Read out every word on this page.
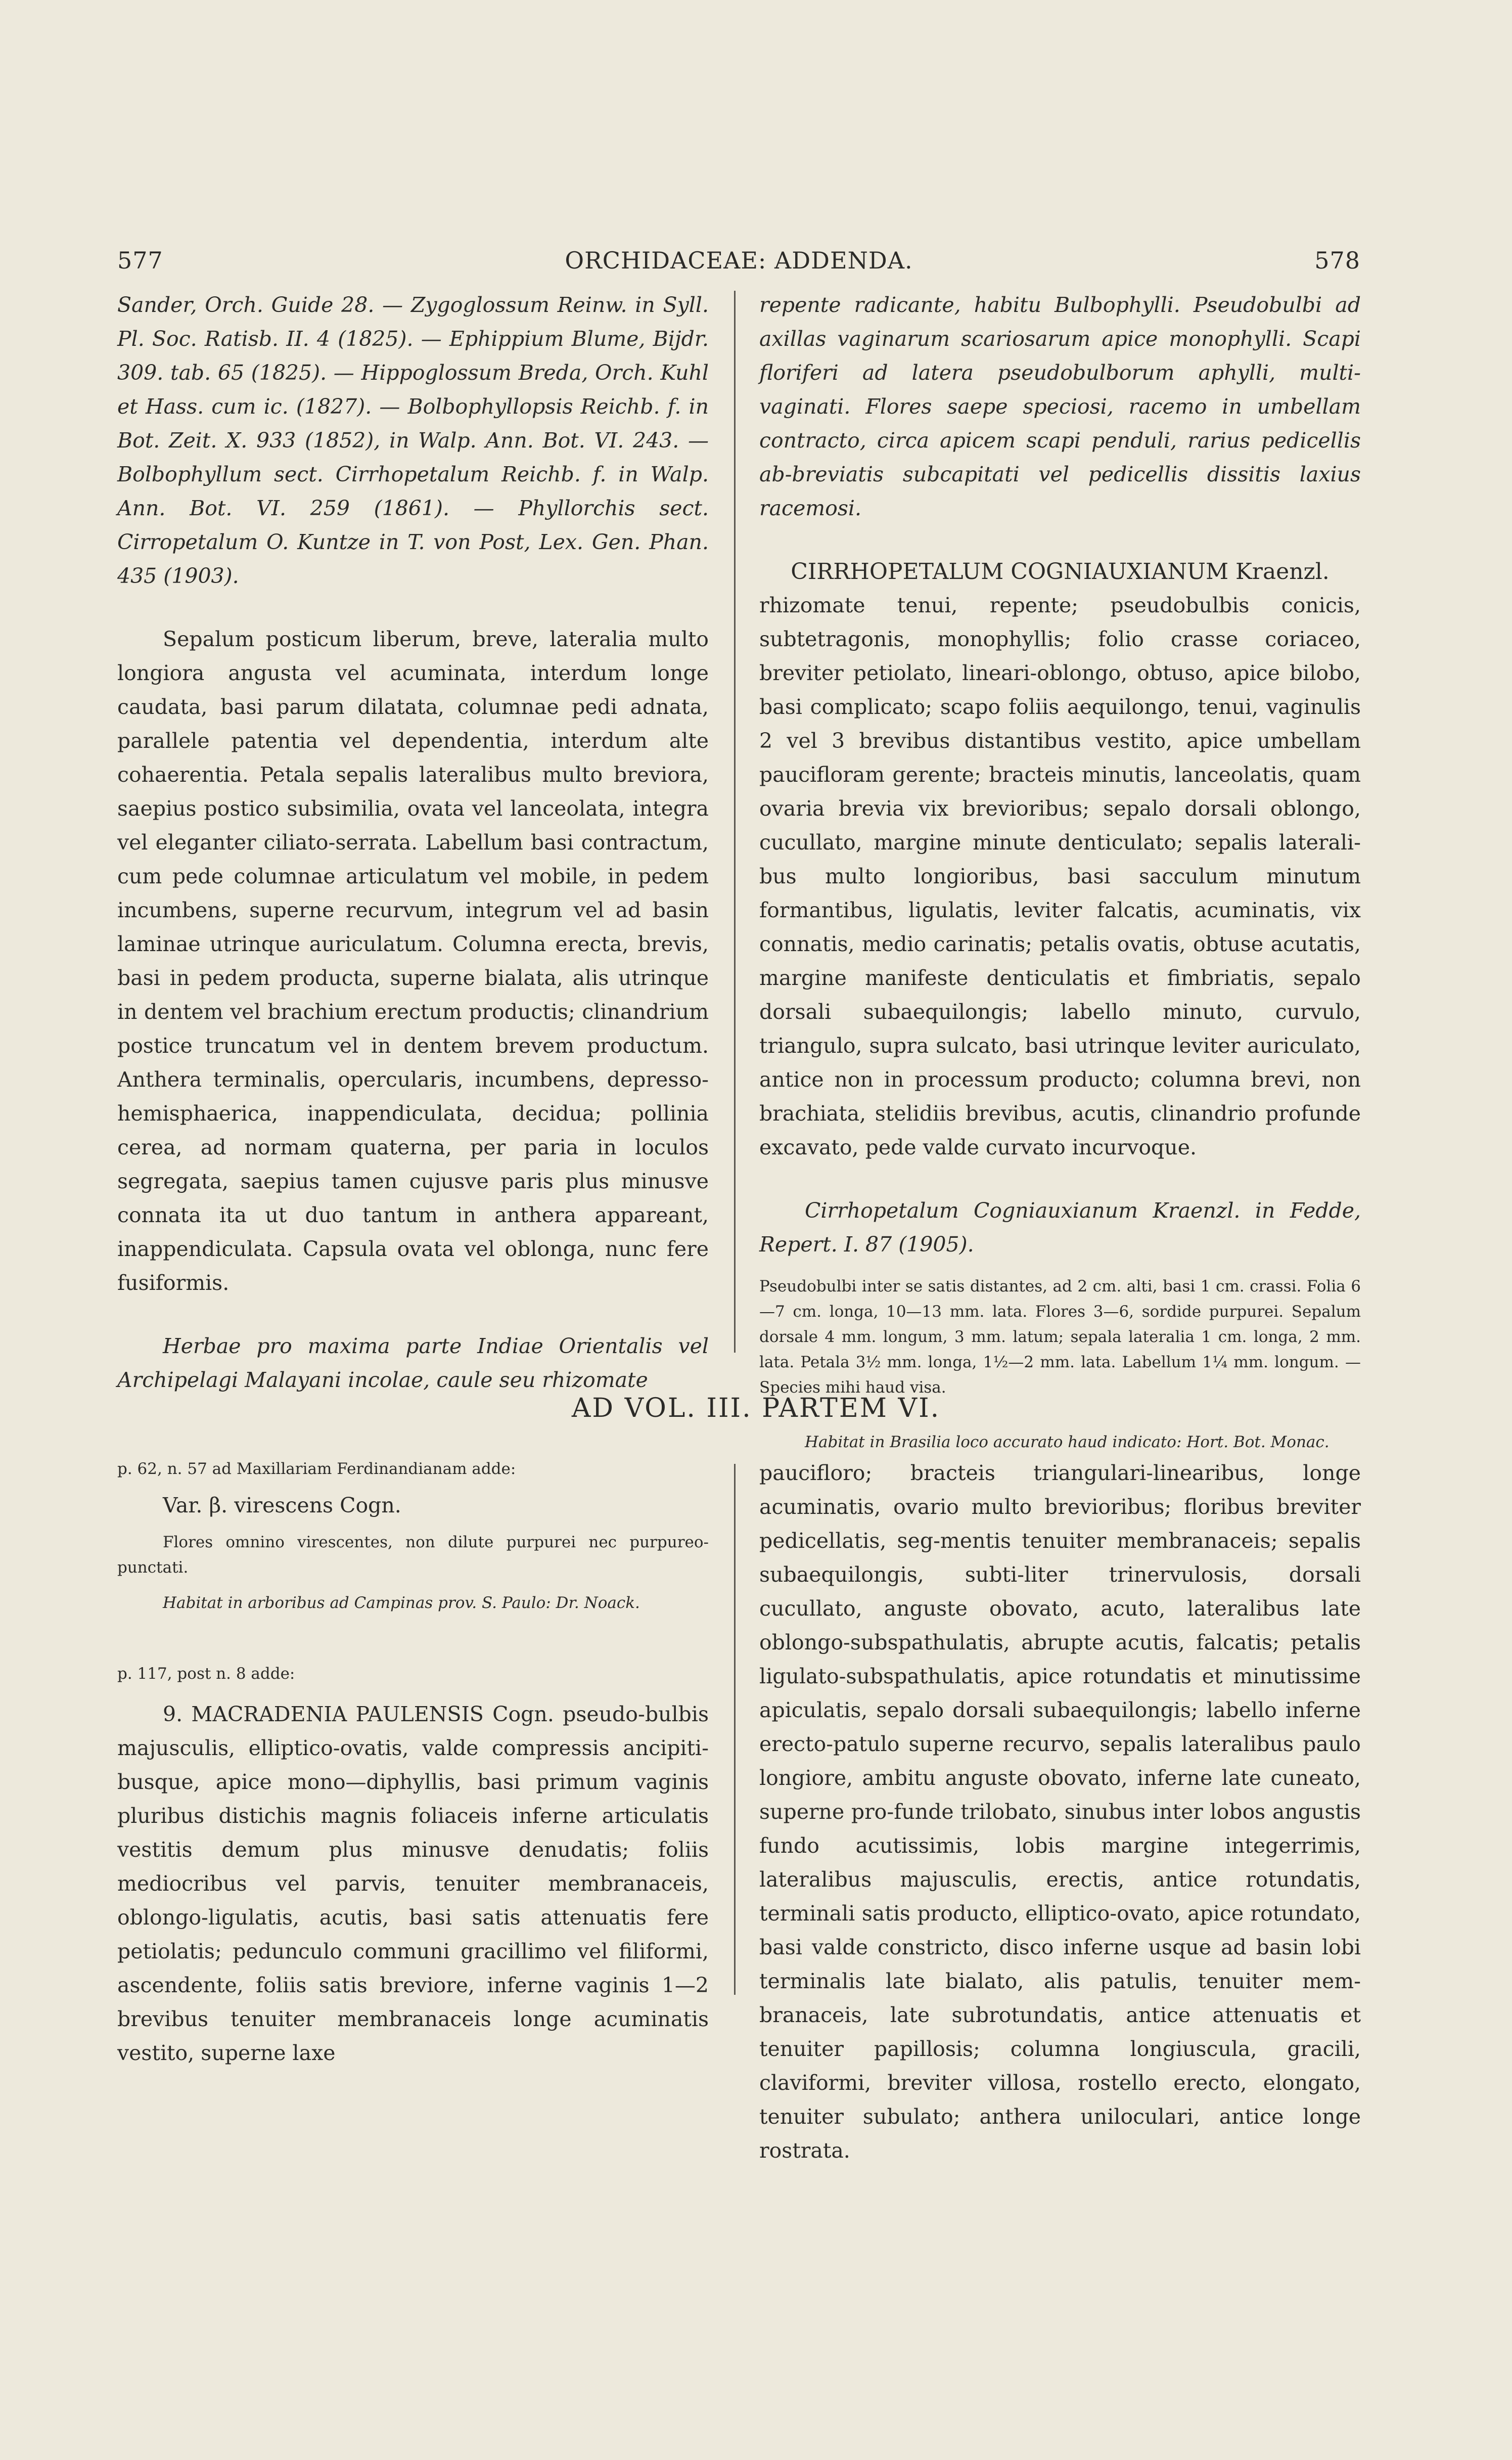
577	ORCHIDACEAE: ADDENDA.	578

Sander, Orch. Guide 28. — Zygoglossum Reinw. in Syll. Pl. Soc. Ratisb. II. 4 (1825). — Ephippium Blume, Bijdr. 309. tab. 65 (1825). — Hippoglossum Breda, Orch. Kuhl et Hass. cum ic. (1827). — Bolbophyllopsis Reichb. f. in Bot. Zeit. X. 933 (1852), in Walp. Ann. Bot. VI. 243. — Bolbophyllum sect. Cirrhopetalum Reichb. f. in Walp. Ann. Bot. VI. 259 (1861). — Phyllorchis sect. Cirropetalum O. Kuntze in T. von Post, Lex. Gen. Phan. 435 (1903).

Sepalum posticum liberum, breve, lateralia multo longiora angusta vel acuminata, interdum longe caudata, basi parum dilatata, columnae pedi adnata, parallele patentia vel dependentia, interdum alte cohaerentia. Petala sepalis lateralibus multo breviora, saepius postico subsimilia, ovata vel lanceolata, integra vel eleganter ciliato-serrata. Labellum basi contractum, cum pede columnae articulatum vel mobile, in pedem incumbens, superne recurvum, integrum vel ad basin laminae utrinque auriculatum. Columna erecta, brevis, basi in pedem producta, superne bialata, alis utrinque in dentem vel brachium erectum productis; clinandrium postice truncatum vel in dentem brevem productum. Anthera terminalis, opercularis, incumbens, depresso-hemisphaerica, inappendiculata, decidua; pollinia cerea, ad normam quaterna, per paria in loculos segregata, saepius tamen cujusve paris plus minusve connata ita ut duo tantum in anthera appareant, inappendiculata. Capsula ovata vel oblonga, nunc fere fusiformis.

Herbae pro maxima parte Indiae Orientalis vel Archipelagi Malayani incolae, caule seu rhizomate

repente radicante, habitu Bulbophylli. Pseudobulbi ad axillas vaginarum scariosarum apice monophylli. Scapi floriferi ad latera pseudobulborum aphylli, multi-vaginati. Flores saepe speciosi, racemo in umbellam contracto, circa apicem scapi penduli, rarius pedicellis ab-breviatis subcapitati vel pedicellis dissitis laxius racemosi.

CIRRHOPETALUM COGNIAUXIANUM Kraenzl.

rhizomate tenui, repente; pseudobulbis conicis, subtetragonis, monophyllis; folio crasse coriaceo, breviter petiolato, lineari-oblongo, obtuso, apice bilobo, basi complicato; scapo foliis aequilongo, tenui, vaginulis 2 vel 3 brevibus distantibus vestito, apice umbellam paucifloram gerente; bracteis minutis, lanceolatis, quam ovaria brevia vix brevioribus; sepalo dorsali oblongo, cucullato, margine minute denticulato; sepalis laterali-bus multo longioribus, basi sacculum minutum formantibus, ligulatis, leviter falcatis, acuminatis, vix connatis, medio carinatis; petalis ovatis, obtuse acutatis, margine manifeste denticulatis et fimbriatis, sepalo dorsali subaequilongis; labello minuto, curvulo, triangulo, supra sulcato, basi utrinque leviter auriculato, antice non in processum producto; columna brevi, non brachiata, stelidiis brevibus, acutis, clinandrio profunde excavato, pede valde curvato incurvoque.

Cirrhopetalum Cogniauxianum Kraenzl. in Fedde, Repert. I. 87 (1905).

Pseudobulbi inter se satis distantes, ad 2 cm. alti, basi 1 cm. crassi. Folia 6—7 cm. longa, 10—13 mm. lata. Flores 3—6, sordide purpurei. Sepalum dorsale 4 mm. longum, 3 mm. latum; sepala lateralia 1 cm. longa, 2 mm. lata. Petala 3½ mm. longa, 1½—2 mm. lata. Labellum 1¼ mm. longum. — Species mihi haud visa.

Habitat in Brasilia loco accurato haud indicato: Hort. Bot. Monac.

AD VOL. III. PARTEM VI.

p. 62, n. 57 ad Maxillariam Ferdinandianam adde:

Var. β. virescens Cogn.

Flores omnino virescentes, non dilute purpurei nec purpureo-punctati.

Habitat in arboribus ad Campinas prov. S. Paulo: Dr. Noack.

p. 117, post n. 8 adde:

9. MACRADENIA PAULENSIS Cogn. pseudo-bulbis majusculis, elliptico-ovatis, valde compressis ancipiti-busque, apice mono—diphyllis, basi primum vaginis pluribus distichis magnis foliaceis inferne articulatis vestitis demum plus minusve denudatis; foliis mediocribus vel parvis, tenuiter membranaceis, oblongo-ligulatis, acutis, basi satis attenuatis fere petiolatis; pedunculo communi gracillimo vel filiformi, ascendente, foliis satis breviore, inferne vaginis 1—2 brevibus tenuiter membranaceis longe acuminatis vestito, superne laxe

paucifloro; bracteis triangulari-linearibus, longe acuminatis, ovario multo brevioribus; floribus breviter pedicellatis, seg-mentis tenuiter membranaceis; sepalis subaequilongis, subti-liter trinervulosis, dorsali cucullato, anguste obovato, acuto, lateralibus late oblongo-subspathulatis, abrupte acutis, falcatis; petalis ligulato-subspathulatis, apice rotundatis et minutissime apiculatis, sepalo dorsali subaequilongis; labello inferne erecto-patulo superne recurvo, sepalis lateralibus paulo longiore, ambitu anguste obovato, inferne late cuneato, superne pro-funde trilobato, sinubus inter lobos angustis fundo acutissimis, lobis margine integerrimis, lateralibus majusculis, erectis, antice rotundatis, terminali satis producto, elliptico-ovato, apice rotundato, basi valde constricto, disco inferne usque ad basin lobi terminalis late bialato, alis patulis, tenuiter mem-branaceis, late subrotundatis, antice attenuatis et tenuiter papillosis; columna longiuscula, gracili, claviformi, breviter villosa, rostello erecto, elongato, tenuiter subulato; anthera uniloculari, antice longe rostrata.
